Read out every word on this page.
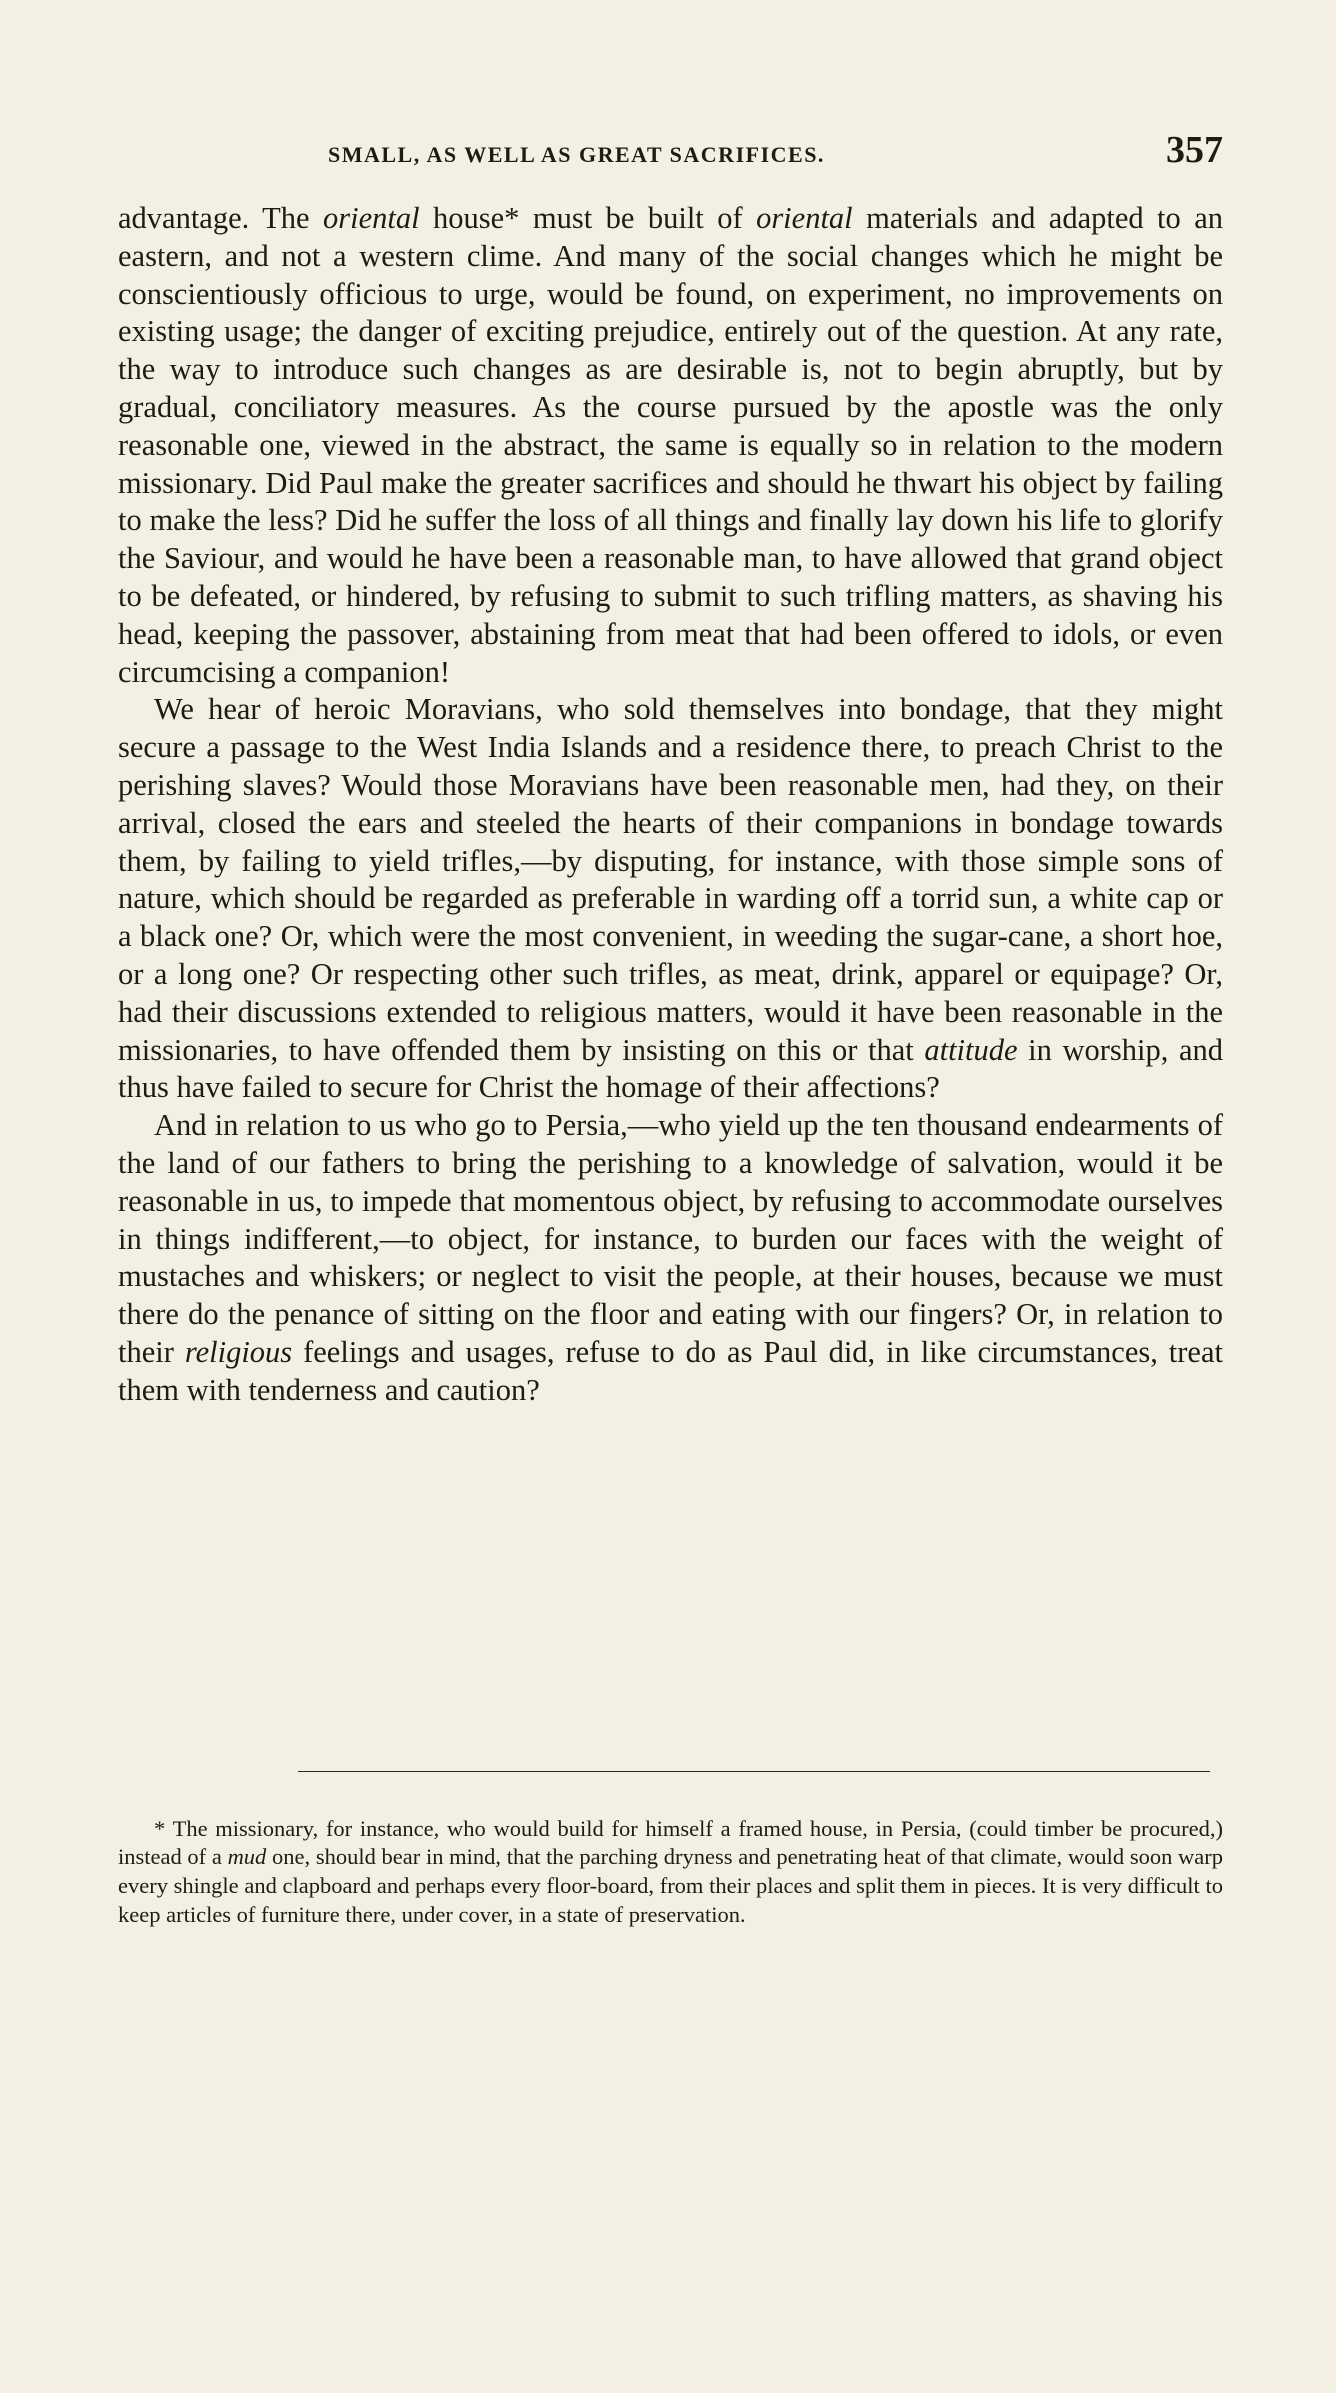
SMALL, AS WELL AS GREAT SACRIFICES.	357

advantage. The oriental house* must be built of oriental materials and adapted to an eastern, and not a western clime. And many of the social changes which he might be conscientiously officious to urge, would be found, on experiment, no improvements on existing usage; the danger of exciting prejudice, entirely out of the question. At any rate, the way to introduce such changes as are desirable is, not to begin abruptly, but by gradual, conciliatory measures. As the course pursued by the apostle was the only reasonable one, viewed in the abstract, the same is equally so in relation to the modern missionary. Did Paul make the greater sacrifices and should he thwart his object by failing to make the less? Did he suffer the loss of all things and finally lay down his life to glorify the Saviour, and would he have been a reasonable man, to have allowed that grand object to be defeated, or hindered, by refusing to submit to such trifling matters, as shaving his head, keeping the passover, abstaining from meat that had been offered to idols, or even circumcising a companion!

We hear of heroic Moravians, who sold themselves into bondage, that they might secure a passage to the West India Islands and a residence there, to preach Christ to the perishing slaves? Would those Moravians have been reasonable men, had they, on their arrival, closed the ears and steeled the hearts of their companions in bondage towards them, by failing to yield trifles,—by disputing, for instance, with those simple sons of nature, which should be regarded as preferable in warding off a torrid sun, a white cap or a black one? Or, which were the most convenient, in weeding the sugar-cane, a short hoe, or a long one? Or respecting other such trifles, as meat, drink, apparel or equipage? Or, had their discussions extended to religious matters, would it have been reasonable in the missionaries, to have offended them by insisting on this or that attitude in worship, and thus have failed to secure for Christ the homage of their affections?

And in relation to us who go to Persia,—who yield up the ten thousand endearments of the land of our fathers to bring the perishing to a knowledge of salvation, would it be reasonable in us, to impede that momentous object, by refusing to accommodate ourselves in things indifferent,—to object, for instance, to burden our faces with the weight of mustaches and whiskers; or neglect to visit the people, at their houses, because we must there do the penance of sitting on the floor and eating with our fingers? Or, in relation to their religious feelings and usages, refuse to do as Paul did, in like circumstances, treat them with tenderness and caution?

* The missionary, for instance, who would build for himself a framed house, in Persia, (could timber be procured,) instead of a mud one, should bear in mind, that the parching dryness and penetrating heat of that climate, would soon warp every shingle and clapboard and perhaps every floor-board, from their places and split them in pieces. It is very difficult to keep articles of furniture there, under cover, in a state of preservation.
